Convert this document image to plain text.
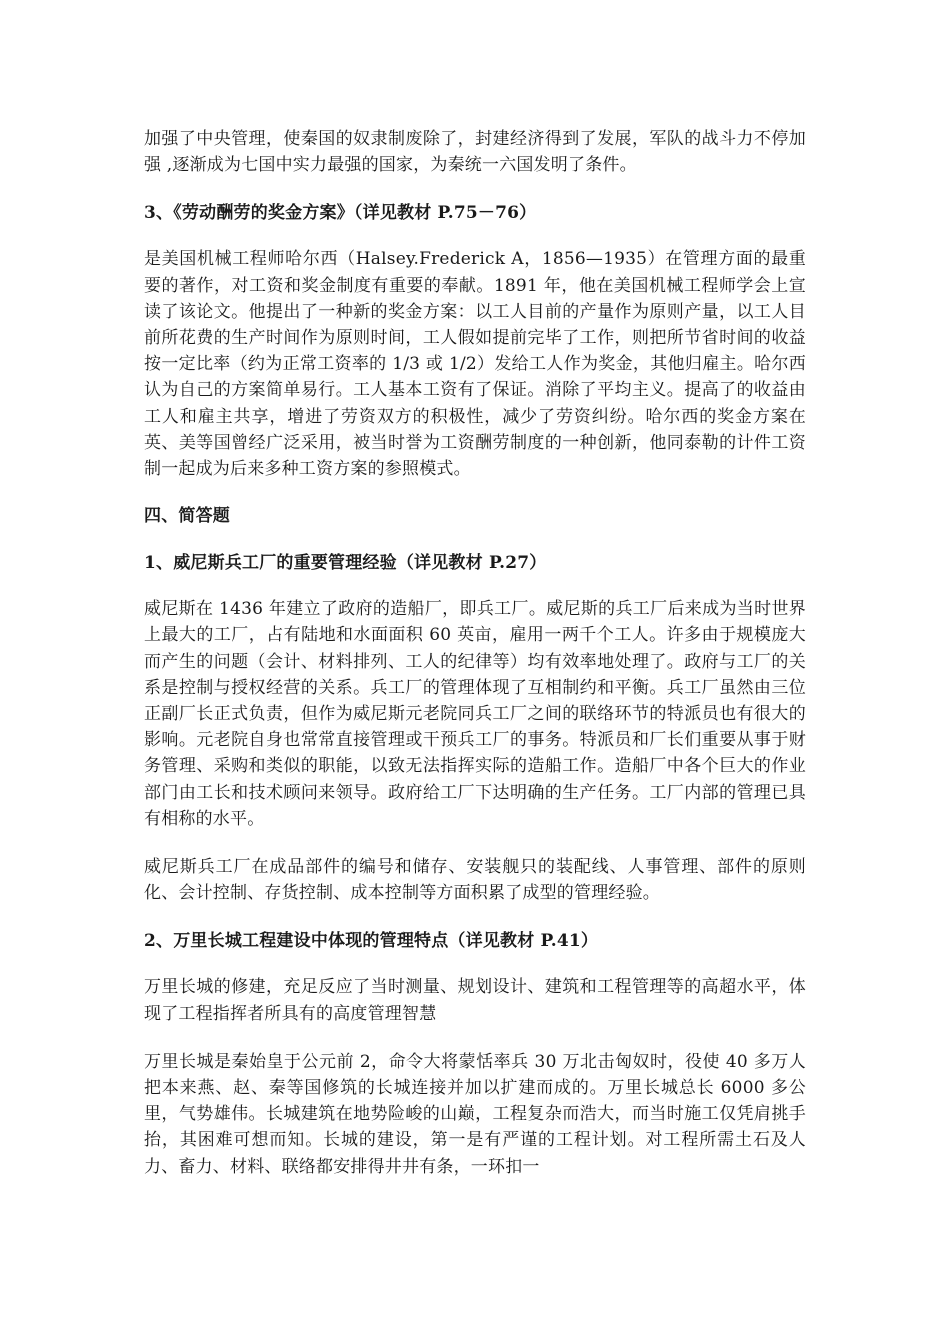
加强了中央管理，使秦国的奴隶制废除了，封建经济得到了发展，军队的战斗力不停加强 ,逐渐成为七国中实力最强的国家，为秦统一六国发明了条件。

3、《劳动酬劳的奖金方案》（详见教材 P.75－76）

是美国机械工程师哈尔西（Halsey.Frederick A，1856—1935）在管理方面的最重要的著作，对工资和奖金制度有重要的奉献。1891 年，他在美国机械工程师学会上宣读了该论文。他提出了一种新的奖金方案：以工人目前的产量作为原则产量，以工人目前所花费的生产时间作为原则时间，工人假如提前完毕了工作，则把所节省时间的收益按一定比率（约为正常工资率的 1/3 或 1/2）发给工人作为奖金，其他归雇主。哈尔西认为自己的方案简单易行。工人基本工资有了保证。消除了平均主义。提高了的收益由工人和雇主共享，增进了劳资双方的积极性，减少了劳资纠纷。哈尔西的奖金方案在英、美等国曾经广泛采用，被当时誉为工资酬劳制度的一种创新，他同泰勒的计件工资制一起成为后来多种工资方案的参照模式。

四、简答题

1、威尼斯兵工厂的重要管理经验（详见教材 P.27）

威尼斯在 1436 年建立了政府的造船厂，即兵工厂。威尼斯的兵工厂后来成为当时世界上最大的工厂，占有陆地和水面面积 60 英亩，雇用一两千个工人。许多由于规模庞大而产生的问题（会计、材料排列、工人的纪律等）均有效率地处理了。政府与工厂的关系是控制与授权经营的关系。兵工厂的管理体现了互相制约和平衡。兵工厂虽然由三位正副厂长正式负责，但作为威尼斯元老院同兵工厂之间的联络环节的特派员也有很大的影响。元老院自身也常常直接管理或干预兵工厂的事务。特派员和厂长们重要从事于财务管理、采购和类似的职能，以致无法指挥实际的造船工作。造船厂中各个巨大的作业部门由工长和技术顾问来领导。政府给工厂下达明确的生产任务。工厂内部的管理已具有相称的水平。

威尼斯兵工厂在成品部件的编号和储存、安装舰只的装配线、人事管理、部件的原则化、会计控制、存货控制、成本控制等方面积累了成型的管理经验。

2、万里长城工程建设中体现的管理特点（详见教材 P.41）

万里长城的修建，充足反应了当时测量、规划设计、建筑和工程管理等的高超水平，体现了工程指挥者所具有的高度管理智慧

万里长城是秦始皇于公元前 2，命令大将蒙恬率兵 30 万北击匈奴时，役使 40 多万人把本来燕、赵、秦等国修筑的长城连接并加以扩建而成的。万里长城总长 6000 多公里，气势雄伟。长城建筑在地势险峻的山巅，工程复杂而浩大，而当时施工仅凭肩挑手抬，其困难可想而知。长城的建设，第一是有严谨的工程计划。对工程所需土石及人力、畜力、材料、联络都安排得井井有条，一环扣一
